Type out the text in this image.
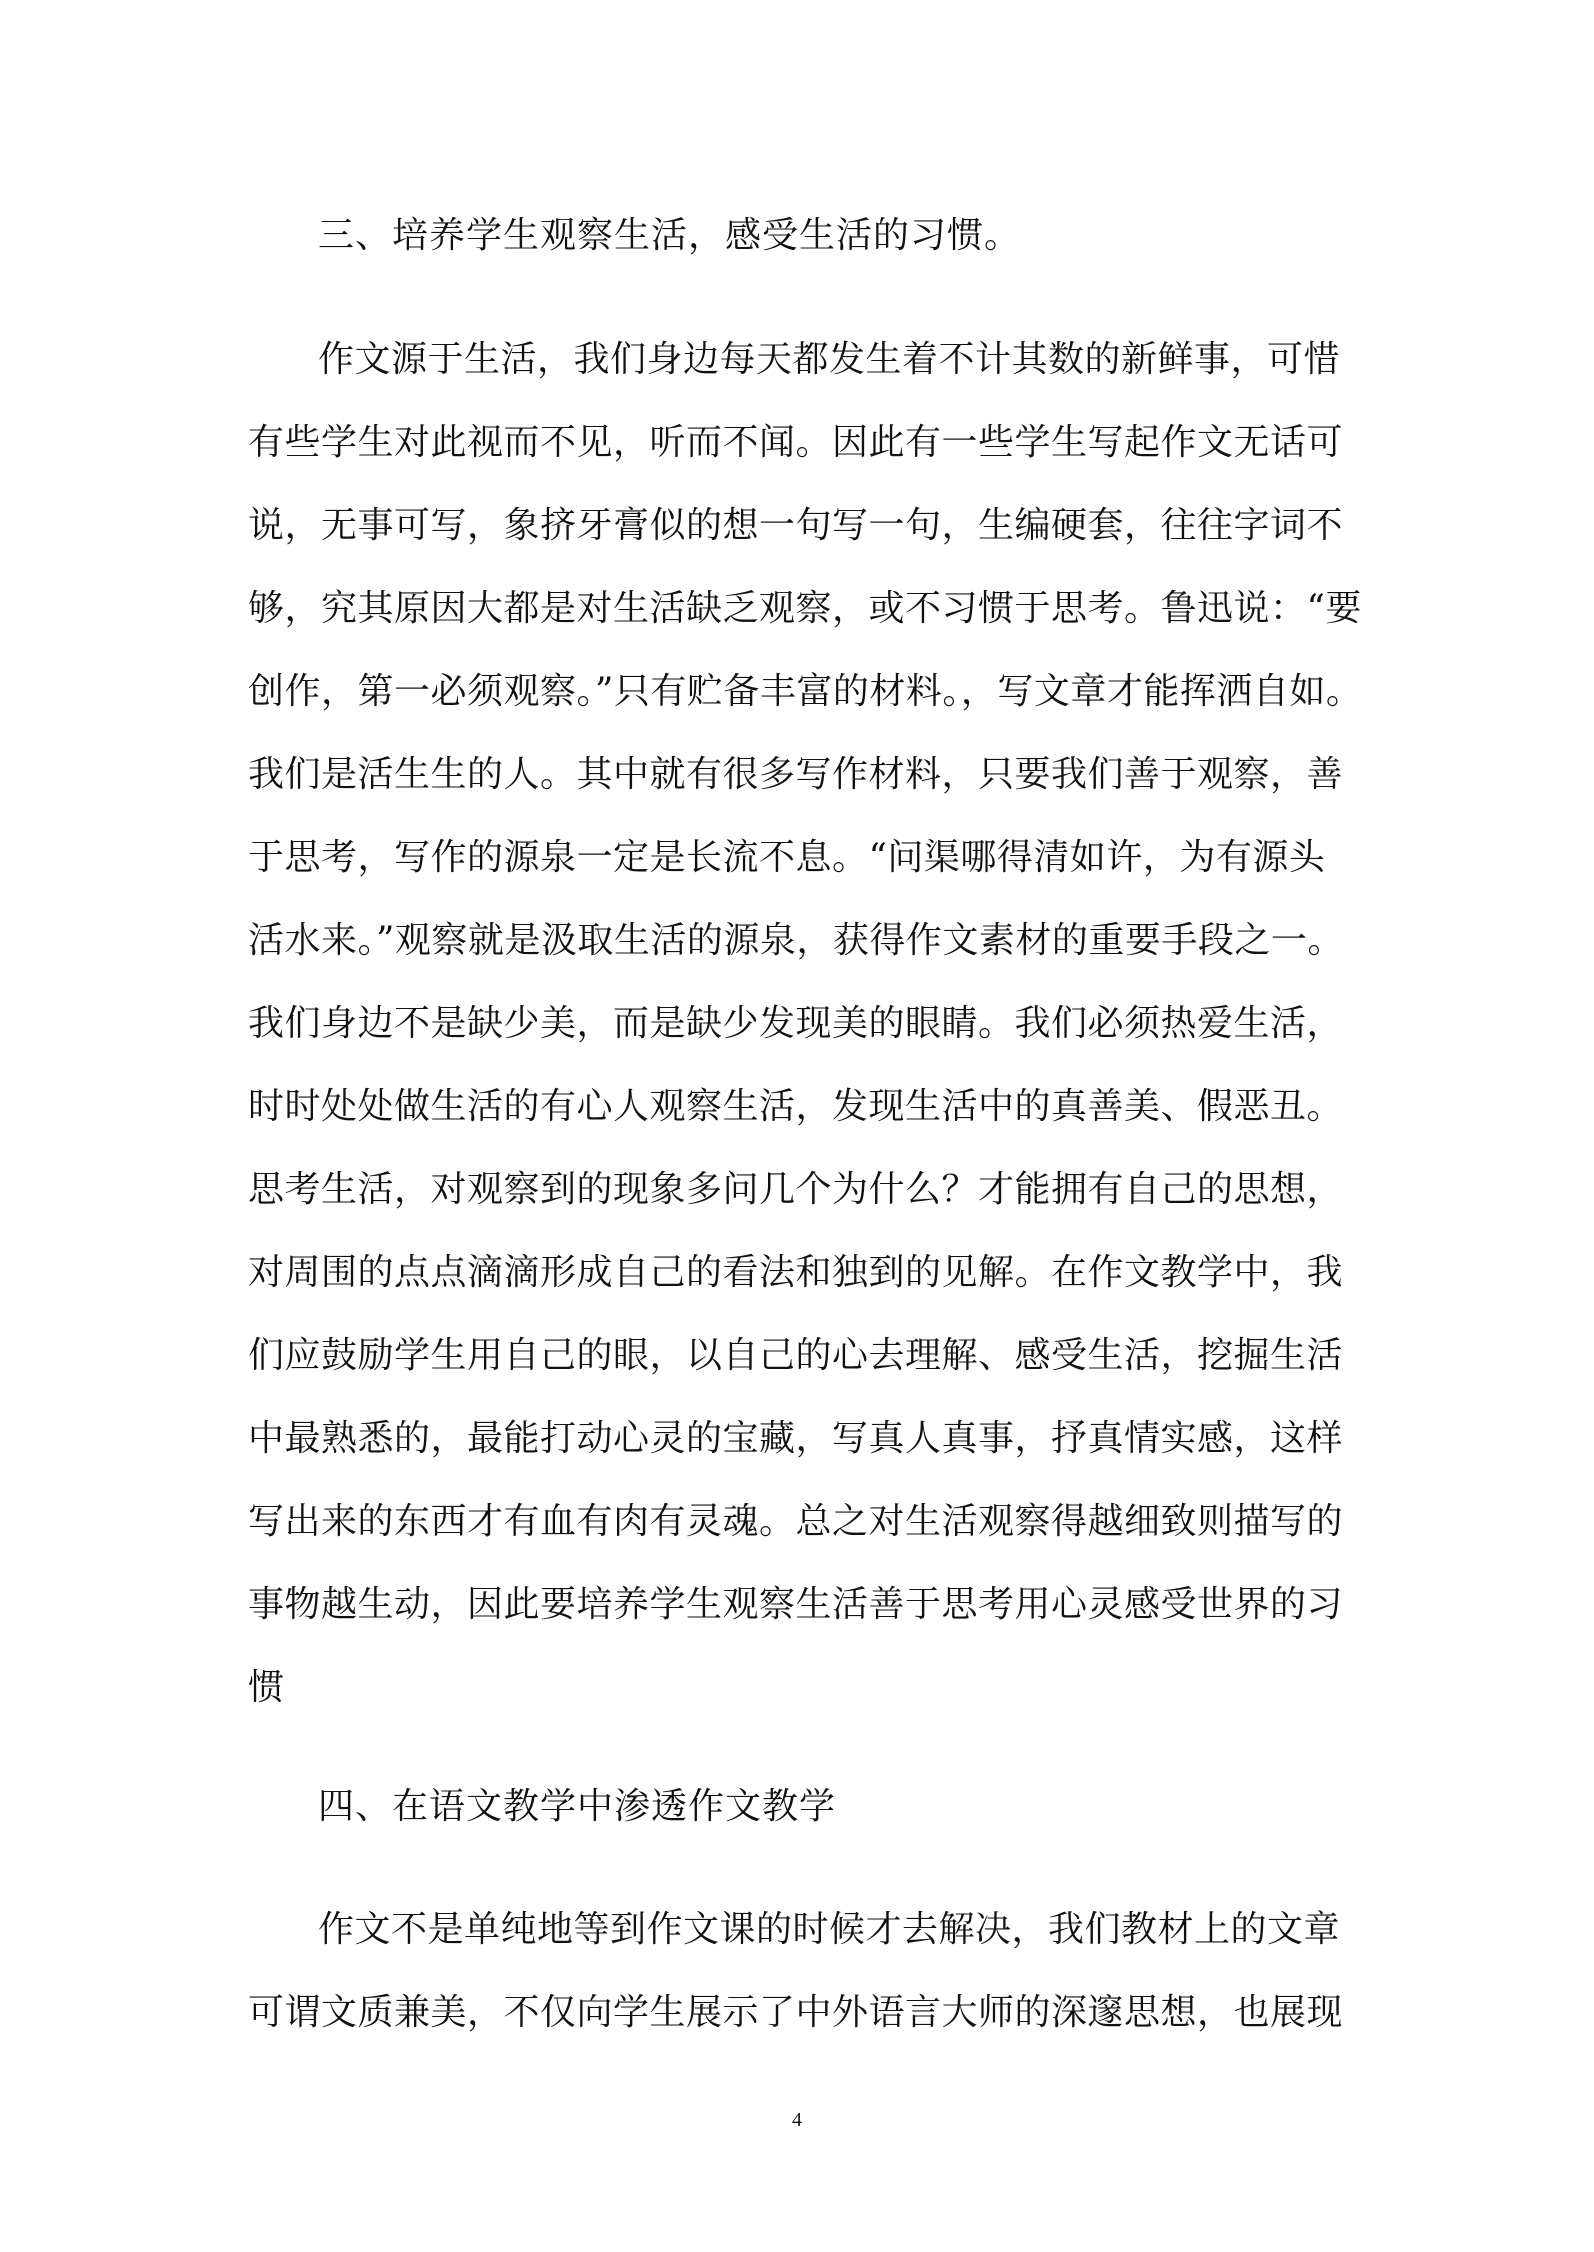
三、培养学生观察生活，感受生活的习惯。
作文源于生活，我们身边每天都发生着不计其数的新鲜事，可惜
有些学生对此视而不见，听而不闻。因此有一些学生写起作文无话可
说，无事可写，象挤牙膏似的想一句写一句，生编硬套，往往字词不
够，究其原因大都是对生活缺乏观察，或不习惯于思考。鲁迅说：“要
创作，第一必须观察。”只有贮备丰富的材料。，写文章才能挥洒自如。
我们是活生生的人。其中就有很多写作材料，只要我们善于观察，善
于思考，写作的源泉一定是长流不息。“问渠哪得清如许，为有源头
活水来。”观察就是汲取生活的源泉，获得作文素材的重要手段之一。
我们身边不是缺少美，而是缺少发现美的眼睛。我们必须热爱生活，
时时处处做生活的有心人观察生活，发现生活中的真善美、假恶丑。
思考生活，对观察到的现象多问几个为什么？才能拥有自己的思想，
对周围的点点滴滴形成自己的看法和独到的见解。在作文教学中，我
们应鼓励学生用自己的眼，以自己的心去理解、感受生活，挖掘生活
中最熟悉的，最能打动心灵的宝藏，写真人真事，抒真情实感，这样
写出来的东西才有血有肉有灵魂。总之对生活观察得越细致则描写的
事物越生动，因此要培养学生观察生活善于思考用心灵感受世界的习
惯
四、在语文教学中渗透作文教学
作文不是单纯地等到作文课的时候才去解决，我们教材上的文章
可谓文质兼美，不仅向学生展示了中外语言大师的深邃思想，也展现
4
